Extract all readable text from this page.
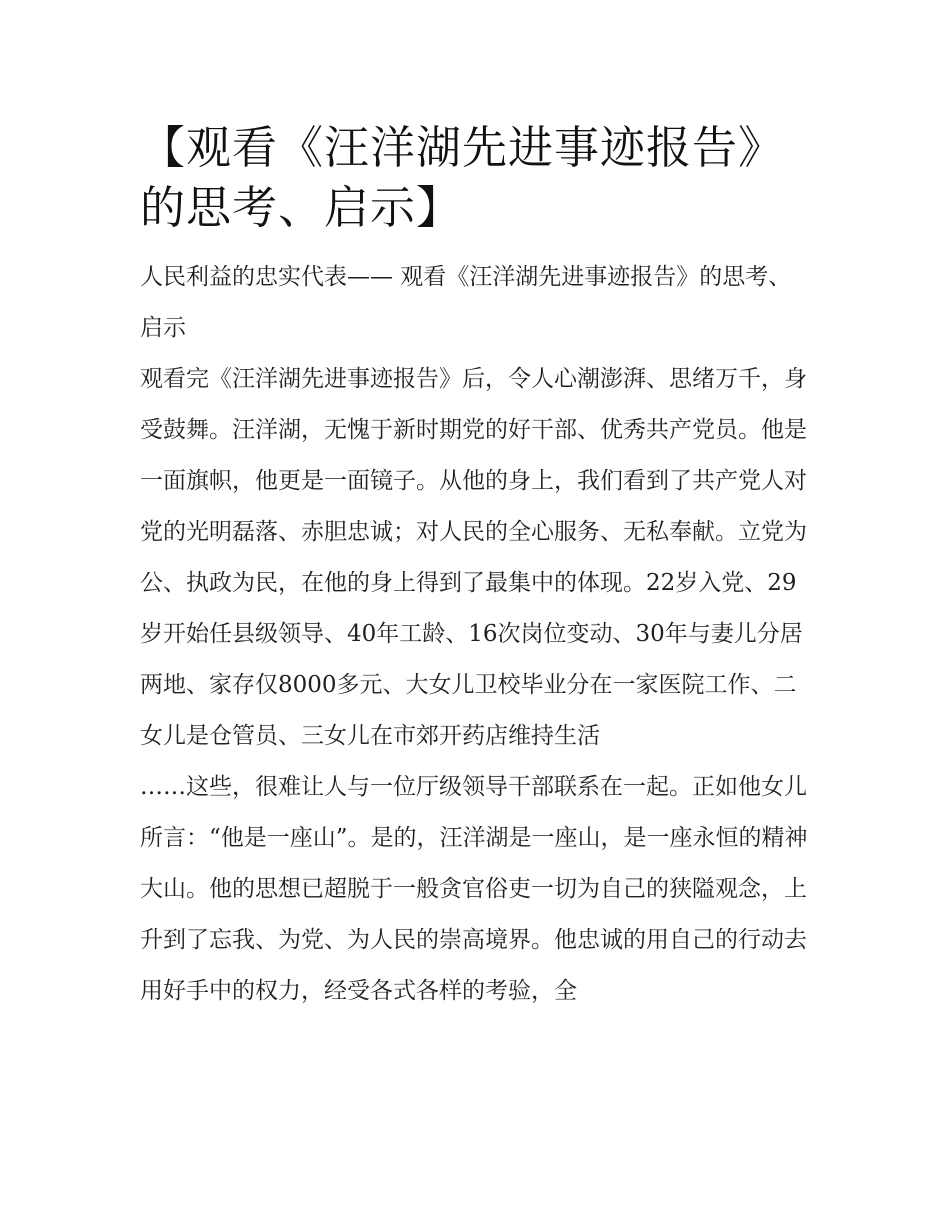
【观看《汪洋湖先进事迹报告》的思考、启示】

人民利益的忠实代表—— 观看《汪洋湖先进事迹报告》的思考、启示

观看完《汪洋湖先进事迹报告》后，令人心潮澎湃、思绪万千，身受鼓舞。汪洋湖，无愧于新时期党的好干部、优秀共产党员。他是一面旗帜，他更是一面镜子。从他的身上，我们看到了共产党人对党的光明磊落、赤胆忠诚；对人民的全心服务、无私奉献。立党为公、执政为民，在他的身上得到了最集中的体现。22岁入党、29岁开始任县级领导、40年工龄、16次岗位变动、30年与妻儿分居两地、家存仅8000多元、大女儿卫校毕业分在一家医院工作、二女儿是仓管员、三女儿在市郊开药店维持生活

……这些，很难让人与一位厅级领导干部联系在一起。正如他女儿所言：“他是一座山”。是的，汪洋湖是一座山，是一座永恒的精神大山。他的思想已超脱于一般贪官俗吏一切为自己的狭隘观念，上升到了忘我、为党、为人民的崇高境界。他忠诚的用自己的行动去用好手中的权力，经受各式各样的考验，全
